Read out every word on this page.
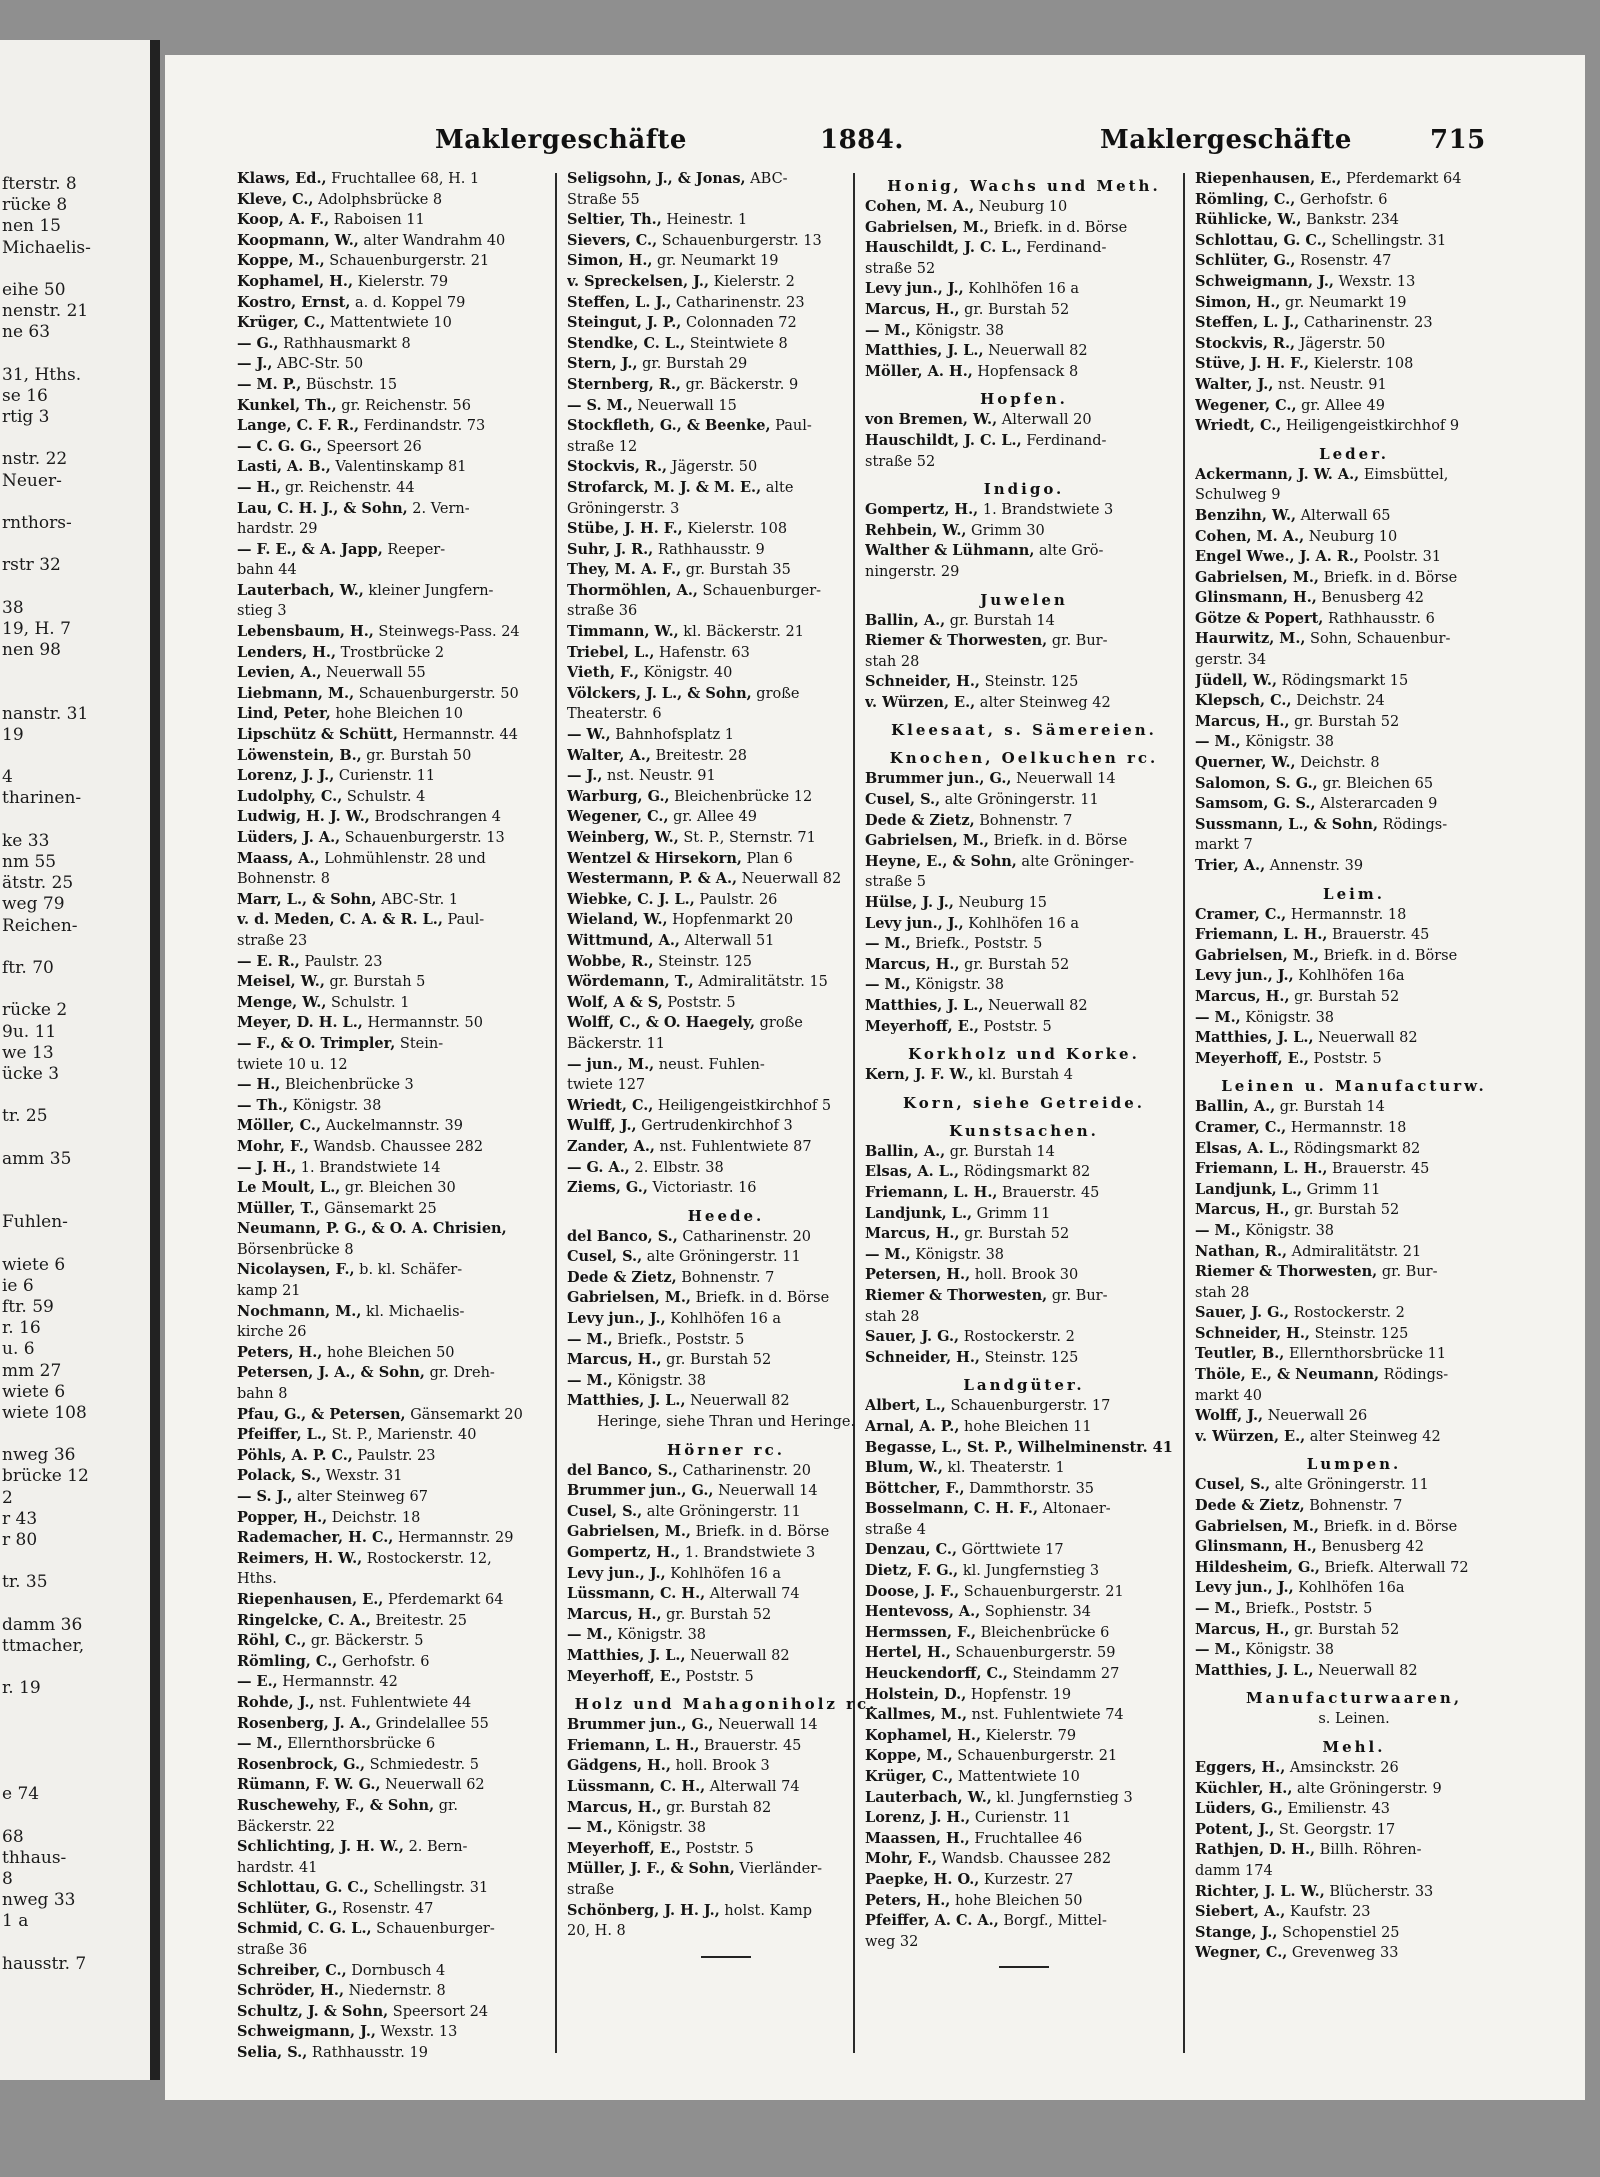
fterstr. 8
rücke 8
nen 15
Michaelis-
eihe 50
nenstr. 21
ne 63
31, Hths.
se 16
rtig 3
nstr. 22
Neuer-
rnthors-
rstr 32
38
19, H. 7
nen 98
nanstr. 31
19
4
tharinen-
ke 33
nm 55
ätstr. 25
weg 79
Reichen-
ftr. 70
rücke 2
9u. 11
we 13
ücke 3
tr. 25
amm 35
Fuhlen-
wiete 6
ie 6
ftr. 59
r. 16
u. 6
mm 27
wiete 6
wiete 108
nweg 36
brücke 12
2
r 43
r 80
tr. 35
damm 36
ttmacher,
r. 19
e 74
68
thhaus-
8
nweg 33
1 a
hausstr. 7
Maklergeschäfte	1884.	Maklergeschäfte	715
Klaws, Ed., Fruchtallee 68, H. 1
Kleve, C., Adolphsbrücke 8
Koop, A. F., Raboisen 11
Koopmann, W., alter Wandrahm 40
Koppe, M., Schauenburgerstr. 21
Kophamel, H., Kielerstr. 79
Kostro, Ernst, a. d. Koppel 79
Krüger, C., Mattentwiete 10
— G., Rathhausmarkt 8
— J., ABC-Str. 50
— M. P., Büschstr. 15
Kunkel, Th., gr. Reichenstr. 56
Lange, C. F. R., Ferdinandstr. 73
— C. G. G., Speersort 26
Lasti, A. B., Valentinskamp 81
— H., gr. Reichenstr. 44
Lau, C. H. J., & Sohn, 2. Vern-
hardstr. 29
— F. E., & A. Japp, Reeper-
bahn 44
Lauterbach, W., kleiner Jungfern-
stieg 3
Lebensbaum, H., Steinwegs-Pass. 24
Lenders, H., Trostbrücke 2
Levien, A., Neuerwall 55
Liebmann, M., Schauenburgerstr. 50
Lind, Peter, hohe Bleichen 10
Lipschütz & Schütt, Hermannstr. 44
Löwenstein, B., gr. Burstah 50
Lorenz, J. J., Curienstr. 11
Ludolphy, C., Schulstr. 4
Ludwig, H. J. W., Brodschrangen 4
Lüders, J. A., Schauenburgerstr. 13
Maass, A., Lohmühlenstr. 28 und
Bohnenstr. 8
Marr, L., & Sohn, ABC-Str. 1
v. d. Meden, C. A. & R. L., Paul-
straße 23
— E. R., Paulstr. 23
Meisel, W., gr. Burstah 5
Menge, W., Schulstr. 1
Meyer, D. H. L., Hermannstr. 50
— F., & O. Trimpler, Stein-
twiete 10 u. 12
— H., Bleichenbrücke 3
— Th., Königstr. 38
Möller, C., Auckelmannstr. 39
Mohr, F., Wandsb. Chaussee 282
— J. H., 1. Brandstwiete 14
Le Moult, L., gr. Bleichen 30
Müller, T., Gänsemarkt 25
Neumann, P. G., & O. A. Chrisien,
Börsenbrücke 8
Nicolaysen, F., b. kl. Schäfer-
kamp 21
Nochmann, M., kl. Michaelis-
kirche 26
Peters, H., hohe Bleichen 50
Petersen, J. A., & Sohn, gr. Dreh-
bahn 8
Pfau, G., & Petersen, Gänsemarkt 20
Pfeiffer, L., St. P., Marienstr. 40
Pöhls, A. P. C., Paulstr. 23
Polack, S., Wexstr. 31
— S. J., alter Steinweg 67
Popper, H., Deichstr. 18
Rademacher, H. C., Hermannstr. 29
Reimers, H. W., Rostockerstr. 12,
Hths.
Riepenhausen, E., Pferdemarkt 64
Ringelcke, C. A., Breitestr. 25
Röhl, C., gr. Bäckerstr. 5
Römling, C., Gerhofstr. 6
— E., Hermannstr. 42
Rohde, J., nst. Fuhlentwiete 44
Rosenberg, J. A., Grindelallee 55
— M., Ellernthorsbrücke 6
Rosenbrock, G., Schmiedestr. 5
Rümann, F. W. G., Neuerwall 62
Ruschewehy, F., & Sohn, gr.
Bäckerstr. 22
Schlichting, J. H. W., 2. Bern-
hardstr. 41
Schlottau, G. C., Schellingstr. 31
Schlüter, G., Rosenstr. 47
Schmid, C. G. L., Schauenburger-
straße 36
Schreiber, C., Dornbusch 4
Schröder, H., Niedernstr. 8
Schultz, J. & Sohn, Speersort 24
Schweigmann, J., Wexstr. 13
Selia, S., Rathhausstr. 19
Seligsohn, J., & Jonas, ABC-
Straße 55
Seltier, Th., Heinestr. 1
Sievers, C., Schauenburgerstr. 13
Simon, H., gr. Neumarkt 19
v. Spreckelsen, J., Kielerstr. 2
Steffen, L. J., Catharinenstr. 23
Steingut, J. P., Colonnaden 72
Stendke, C. L., Steintwiete 8
Stern, J., gr. Burstah 29
Sternberg, R., gr. Bäckerstr. 9
— S. M., Neuerwall 15
Stockfleth, G., & Beenke, Paul-
straße 12
Stockvis, R., Jägerstr. 50
Strofarck, M. J. & M. E., alte
Gröningerstr. 3
Stübe, J. H. F., Kielerstr. 108
Suhr, J. R., Rathhausstr. 9
They, M. A. F., gr. Burstah 35
Thormöhlen, A., Schauenburger-
straße 36
Timmann, W., kl. Bäckerstr. 21
Triebel, L., Hafenstr. 63
Vieth, F., Königstr. 40
Völckers, J. L., & Sohn, große
Theaterstr. 6
— W., Bahnhofsplatz 1
Walter, A., Breitestr. 28
— J., nst. Neustr. 91
Warburg, G., Bleichenbrücke 12
Wegener, C., gr. Allee 49
Weinberg, W., St. P., Sternstr. 71
Wentzel & Hirsekorn, Plan 6
Westermann, P. & A., Neuerwall 82
Wiebke, C. J. L., Paulstr. 26
Wieland, W., Hopfenmarkt 20
Wittmund, A., Alterwall 51
Wobbe, R., Steinstr. 125
Wördemann, T., Admiralitätstr. 15
Wolf, A & S, Poststr. 5
Wolff, C., & O. Haegely, große
Bäckerstr. 11
— jun., M., neust. Fuhlen-
twiete 127
Wriedt, C., Heiligengeistkirchhof 5
Wulff, J., Gertrudenkirchhof 3
Zander, A., nst. Fuhlentwiete 87
— G. A., 2. Elbstr. 38
Ziems, G., Victoriastr. 16
Heede.
del Banco, S., Catharinenstr. 20
Cusel, S., alte Gröningerstr. 11
Dede & Zietz, Bohnenstr. 7
Gabrielsen, M., Briefk. in d. Börse
Levy jun., J., Kohlhöfen 16 a
— M., Briefk., Poststr. 5
Marcus, H., gr. Burstah 52
— M., Königstr. 38
Matthies, J. L., Neuerwall 82
Heringe, siehe Thran und Heringe.
Hörner rc.
del Banco, S., Catharinenstr. 20
Brummer jun., G., Neuerwall 14
Cusel, S., alte Gröningerstr. 11
Gabrielsen, M., Briefk. in d. Börse
Gompertz, H., 1. Brandstwiete 3
Levy jun., J., Kohlhöfen 16 a
Lüssmann, C. H., Alterwall 74
Marcus, H., gr. Burstah 52
— M., Königstr. 38
Matthies, J. L., Neuerwall 82
Meyerhoff, E., Poststr. 5
Holz und Mahagoniholz rc.
Brummer jun., G., Neuerwall 14
Friemann, L. H., Brauerstr. 45
Gädgens, H., holl. Brook 3
Lüssmann, C. H., Alterwall 74
Marcus, H., gr. Burstah 82
— M., Königstr. 38
Meyerhoff, E., Poststr. 5
Müller, J. F., & Sohn, Vierländer-
straße
Schönberg, J. H. J., holst. Kamp
20, H. 8
Honig, Wachs und Meth.
Cohen, M. A., Neuburg 10
Gabrielsen, M., Briefk. in d. Börse
Hauschildt, J. C. L., Ferdinand-
straße 52
Levy jun., J., Kohlhöfen 16 a
Marcus, H., gr. Burstah 52
— M., Königstr. 38
Matthies, J. L., Neuerwall 82
Möller, A. H., Hopfensack 8
Hopfen.
von Bremen, W., Alterwall 20
Hauschildt, J. C. L., Ferdinand-
straße 52
Indigo.
Gompertz, H., 1. Brandstwiete 3
Rehbein, W., Grimm 30
Walther & Lühmann, alte Grö-
ningerstr. 29
Juwelen
Ballin, A., gr. Burstah 14
Riemer & Thorwesten, gr. Bur-
stah 28
Schneider, H., Steinstr. 125
v. Würzen, E., alter Steinweg 42
Kleesaat, s. Sämereien.
Knochen, Oelkuchen rc.
Brummer jun., G., Neuerwall 14
Cusel, S., alte Gröningerstr. 11
Dede & Zietz, Bohnenstr. 7
Gabrielsen, M., Briefk. in d. Börse
Heyne, E., & Sohn, alte Gröninger-
straße 5
Hülse, J. J., Neuburg 15
Levy jun., J., Kohlhöfen 16 a
— M., Briefk., Poststr. 5
Marcus, H., gr. Burstah 52
— M., Königstr. 38
Matthies, J. L., Neuerwall 82
Meyerhoff, E., Poststr. 5
Korkholz und Korke.
Kern, J. F. W., kl. Burstah 4
Korn, siehe Getreide.
Kunstsachen.
Ballin, A., gr. Burstah 14
Elsas, A. L., Rödingsmarkt 82
Friemann, L. H., Brauerstr. 45
Landjunk, L., Grimm 11
Marcus, H., gr. Burstah 52
— M., Königstr. 38
Petersen, H., holl. Brook 30
Riemer & Thorwesten, gr. Bur-
stah 28
Sauer, J. G., Rostockerstr. 2
Schneider, H., Steinstr. 125
Landgüter.
Albert, L., Schauenburgerstr. 17
Arnal, A. P., hohe Bleichen 11
Begasse, L., St. P., Wilhelminenstr. 41
Blum, W., kl. Theaterstr. 1
Böttcher, F., Dammthorstr. 35
Bosselmann, C. H. F., Altonaer-
straße 4
Denzau, C., Görttwiete 17
Dietz, F. G., kl. Jungfernstieg 3
Doose, J. F., Schauenburgerstr. 21
Hentevoss, A., Sophienstr. 34
Hermssen, F., Bleichenbrücke 6
Hertel, H., Schauenburgerstr. 59
Heuckendorff, C., Steindamm 27
Holstein, D., Hopfenstr. 19
Kallmes, M., nst. Fuhlentwiete 74
Kophamel, H., Kielerstr. 79
Koppe, M., Schauenburgerstr. 21
Krüger, C., Mattentwiete 10
Lauterbach, W., kl. Jungfernstieg 3
Lorenz, J. H., Curienstr. 11
Maassen, H., Fruchtallee 46
Mohr, F., Wandsb. Chaussee 282
Paepke, H. O., Kurzestr. 27
Peters, H., hohe Bleichen 50
Pfeiffer, A. C. A., Borgf., Mittel-
weg 32
Riepenhausen, E., Pferdemarkt 64
Römling, C., Gerhofstr. 6
Rühlicke, W., Bankstr. 234
Schlottau, G. C., Schellingstr. 31
Schlüter, G., Rosenstr. 47
Schweigmann, J., Wexstr. 13
Simon, H., gr. Neumarkt 19
Steffen, L. J., Catharinenstr. 23
Stockvis, R., Jägerstr. 50
Stüve, J. H. F., Kielerstr. 108
Walter, J., nst. Neustr. 91
Wegener, C., gr. Allee 49
Wriedt, C., Heiligengeistkirchhof 9
Leder.
Ackermann, J. W. A., Eimsbüttel,
Schulweg 9
Benzihn, W., Alterwall 65
Cohen, M. A., Neuburg 10
Engel Wwe., J. A. R., Poolstr. 31
Gabrielsen, M., Briefk. in d. Börse
Glinsmann, H., Benusberg 42
Götze & Popert, Rathhausstr. 6
Haurwitz, M., Sohn, Schauenbur-
gerstr. 34
Jüdell, W., Rödingsmarkt 15
Klepsch, C., Deichstr. 24
Marcus, H., gr. Burstah 52
— M., Königstr. 38
Querner, W., Deichstr. 8
Salomon, S. G., gr. Bleichen 65
Samsom, G. S., Alsterarcaden 9
Sussmann, L., & Sohn, Rödings-
markt 7
Trier, A., Annenstr. 39
Leim.
Cramer, C., Hermannstr. 18
Friemann, L. H., Brauerstr. 45
Gabrielsen, M., Briefk. in d. Börse
Levy jun., J., Kohlhöfen 16a
Marcus, H., gr. Burstah 52
— M., Königstr. 38
Matthies, J. L., Neuerwall 82
Meyerhoff, E., Poststr. 5
Leinen u. Manufacturw.
Ballin, A., gr. Burstah 14
Cramer, C., Hermannstr. 18
Elsas, A. L., Rödingsmarkt 82
Friemann, L. H., Brauerstr. 45
Landjunk, L., Grimm 11
Marcus, H., gr. Burstah 52
— M., Königstr. 38
Nathan, R., Admiralitätstr. 21
Riemer & Thorwesten, gr. Bur-
stah 28
Sauer, J. G., Rostockerstr. 2
Schneider, H., Steinstr. 125
Teutler, B., Ellernthorsbrücke 11
Thöle, E., & Neumann, Rödings-
markt 40
Wolff, J., Neuerwall 26
v. Würzen, E., alter Steinweg 42
Lumpen.
Cusel, S., alte Gröningerstr. 11
Dede & Zietz, Bohnenstr. 7
Gabrielsen, M., Briefk. in d. Börse
Glinsmann, H., Benusberg 42
Hildesheim, G., Briefk. Alterwall 72
Levy jun., J., Kohlhöfen 16a
— M., Briefk., Poststr. 5
Marcus, H., gr. Burstah 52
— M., Königstr. 38
Matthies, J. L., Neuerwall 82
Manufacturwaaren,
s. Leinen.
Mehl.
Eggers, H., Amsinckstr. 26
Küchler, H., alte Gröningerstr. 9
Lüders, G., Emilienstr. 43
Potent, J., St. Georgstr. 17
Rathjen, D. H., Billh. Röhren-
damm 174
Richter, J. L. W., Blücherstr. 33
Siebert, A., Kaufstr. 23
Stange, J., Schopenstiel 25
Wegner, C., Grevenweg 33
